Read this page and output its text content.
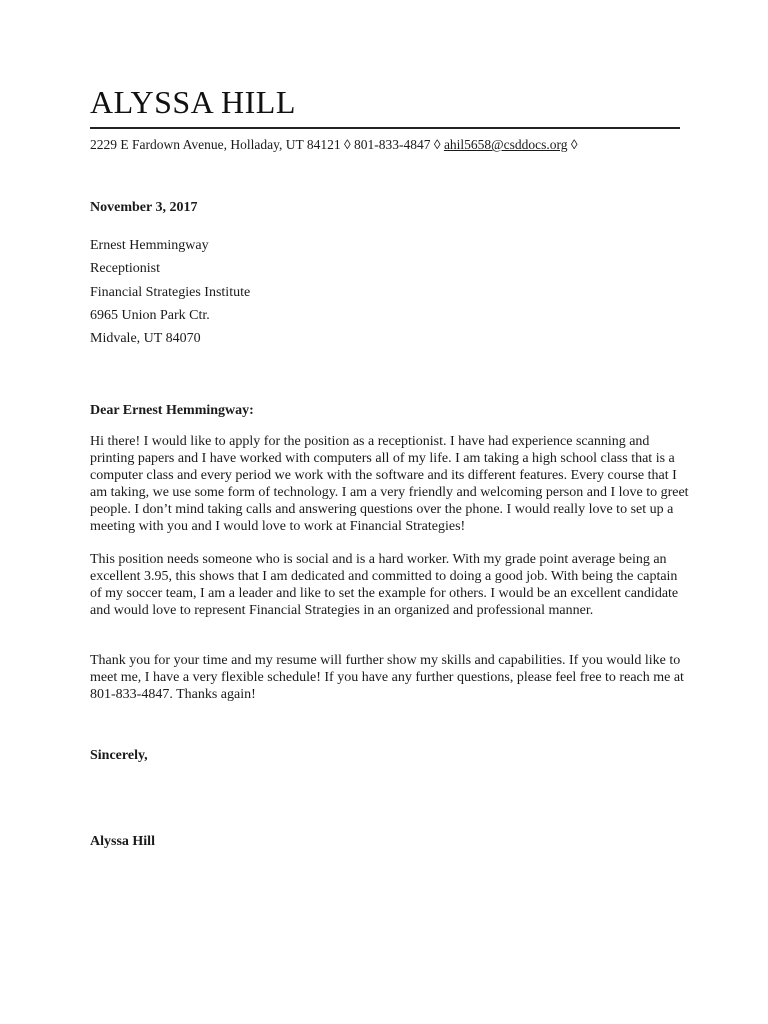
ALYSSA HILL
2229 E Fardown Avenue, Holladay, UT 84121 ◊ 801-833-4847 ◊ ahil5658@csddocs.org ◊
November 3, 2017
Ernest Hemmingway
Receptionist
Financial Strategies Institute
6965 Union Park Ctr.
Midvale, UT 84070
Dear Ernest Hemmingway:

Hi there! I would like to apply for the position as a receptionist. I have had experience scanning and printing papers and I have worked with computers all of my life. I am taking a high school class that is a computer class and every period we work with the software and its different features. Every course that I am taking, we use some form of technology. I am a very friendly and welcoming person and I love to greet people. I don’t mind taking calls and answering questions over the phone. I would really love to set up a meeting with you and I would love to work at Financial Strategies!

This position needs someone who is social and is a hard worker. With my grade point average being an excellent 3.95, this shows that I am dedicated and committed to doing a good job. With being the captain of my soccer team, I am a leader and like to set the example for others. I would be an excellent candidate and would love to represent Financial Strategies in an organized and professional manner.

Thank you for your time and my resume will further show my skills and capabilities. If you would like to meet me, I have a very flexible schedule! If you have any further questions, please feel free to reach me at 801-833-4847. Thanks again!

Sincerely,
Alyssa Hill
